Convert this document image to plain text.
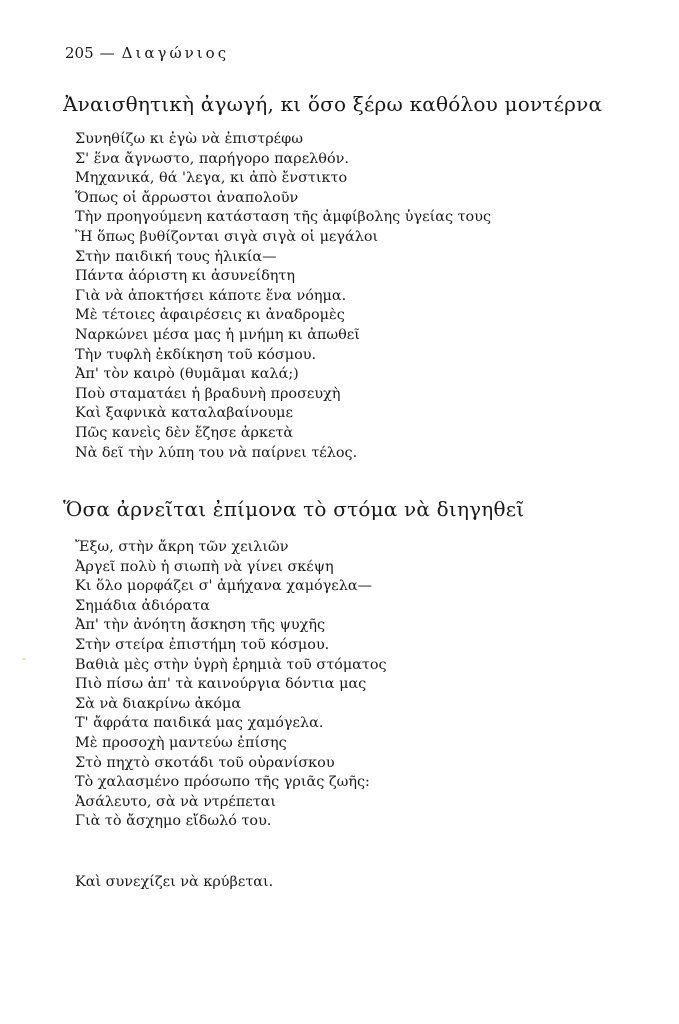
205 — Διαγώνιος
Ἀναισθητικὴ ἀγωγή, κι ὅσο ξέρω καθόλου μοντέρνα
Συνηθίζω κι ἐγὼ νὰ ἐπιστρέφω
Σ' ἕνα ἄγνωστο, παρήγορο παρελθόν.
Μηχανικά, θά 'λεγα, κι ἀπὸ ἔνστικτο
Ὅπως οἱ ἄρρωστοι ἀναπολοῦν
Τὴν προηγούμενη κατάσταση τῆς ἀμφίβολης ὑγείας τους
Ἢ ὅπως βυθίζονται σιγὰ σιγὰ οἱ μεγάλοι
Στὴν παιδική τους ἡλικία—
Πάντα ἀόριστη κι ἀσυνείδητη
Γιὰ νὰ ἀποκτήσει κάποτε ἕνα νόημα.
Μὲ τέτοιες ἀφαιρέσεις κι ἀναδρομὲς
Ναρκώνει μέσα μας ἡ μνήμη κι ἀπωθεῖ
Τὴν τυφλὴ ἐκδίκηση τοῦ κόσμου.
Ἀπ' τὸν καιρὸ (θυμᾶμαι καλά;)
Ποὺ σταματάει ἡ βραδυνὴ προσευχὴ
Καὶ ξαφνικὰ καταλαβαίνουμε
Πῶς κανεὶς δὲν ἔζησε ἀρκετὰ
Νὰ δεῖ τὴν λύπη του νὰ παίρνει τέλος.
Ὅσα ἀρνεῖται ἐπίμονα τὸ στόμα νὰ διηγηθεῖ
Ἔξω, στὴν ἄκρη τῶν χειλιῶν
Ἀργεῖ πολὺ ἡ σιωπὴ νὰ γίνει σκέψη
Κι ὅλο μορφάζει σ' ἀμήχανα χαμόγελα—
Σημάδια ἀδιόρατα
Ἀπ' τὴν ἀνόητη ἄσκηση τῆς ψυχῆς
Στὴν στείρα ἐπιστήμη τοῦ κόσμου.
Βαθιὰ μὲς στὴν ὑγρὴ ἐρημιὰ τοῦ στόματος
Πιὸ πίσω ἀπ' τὰ καινούργια δόντια μας
Σὰ νὰ διακρίνω ἀκόμα
Τ' ἄφράτα παιδικά μας χαμόγελα.
Μὲ προσοχὴ μαντεύω ἐπίσης
Στὸ πηχτὸ σκοτάδι τοῦ οὐρανίσκου
Τὸ χαλασμένο πρόσωπο τῆς γριᾶς ζωῆς:
Ἀσάλευτο, σὰ νὰ ντρέπεται
Γιὰ τὸ ἄσχημο εἴδωλό του.
Καὶ συνεχίζει νὰ κρύβεται.
